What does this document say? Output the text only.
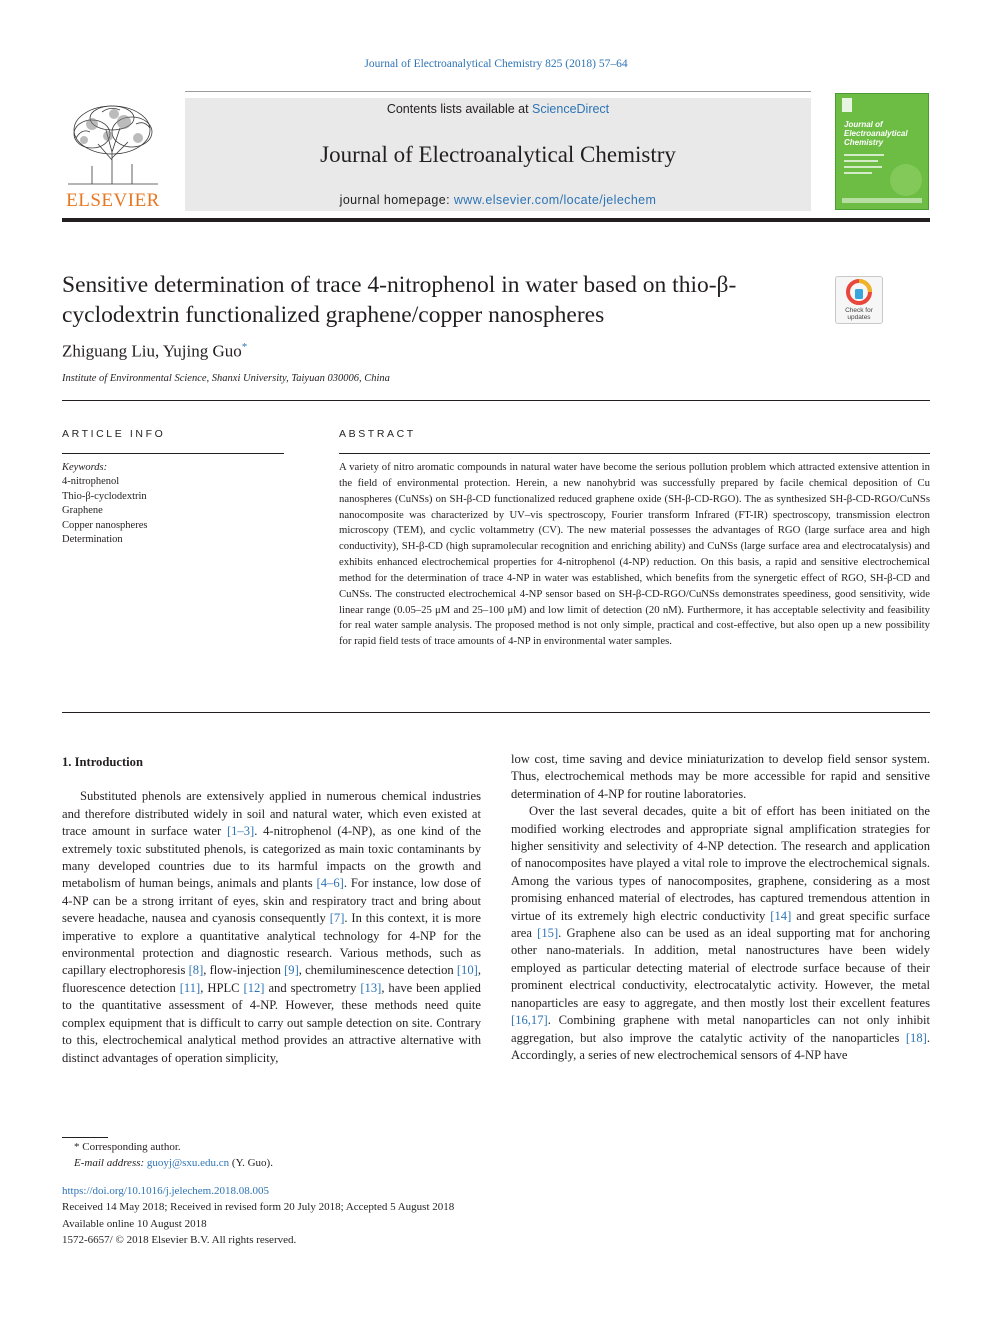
Journal of Electroanalytical Chemistry 825 (2018) 57–64
ELSEVIER
Contents lists available at ScienceDirect
Journal of Electroanalytical Chemistry
journal homepage: www.elsevier.com/locate/jelechem
Journal of Electroanalytical Chemistry
Sensitive determination of trace 4-nitrophenol in water based on thio-β-cyclodextrin functionalized graphene/copper nanospheres	Check for updates
Zhiguang Liu, Yujing Guo*
Institute of Environmental Science, Shanxi University, Taiyuan 030006, China
ARTICLE INFO	ABSTRACT
Keywords:
4-nitrophenol
Thio-β-cyclodextrin
Graphene
Copper nanospheres
Determination
A variety of nitro aromatic compounds in natural water have become the serious pollution problem which attracted extensive attention in the field of environmental protection. Herein, a new nanohybrid was successfully prepared by facile chemical deposition of Cu nanospheres (CuNSs) on SH-β-CD functionalized reduced graphene oxide (SH-β-CD-RGO). The as synthesized SH-β-CD-RGO/CuNSs nanocomposite was characterized by UV–vis spectroscopy, Fourier transform Infrared (FT-IR) spectroscopy, transmission electron microscopy (TEM), and cyclic voltammetry (CV). The new material possesses the advantages of RGO (large surface area and high conductivity), SH-β-CD (high supramolecular recognition and enriching ability) and CuNSs (large surface area and electrocatalysis) and exhibits enhanced electrochemical properties for 4-nitrophenol (4-NP) reduction. On this basis, a rapid and sensitive electrochemical method for the determination of trace 4-NP in water was established, which benefits from the synergetic effect of RGO, SH-β-CD and CuNSs. The constructed electrochemical 4-NP sensor based on SH-β-CD-RGO/CuNSs demonstrates speediness, good sensitivity, wide linear range (0.05–25 μM and 25–100 μM) and low limit of detection (20 nM). Furthermore, it has acceptable selectivity and feasibility for real water sample analysis. The proposed method is not only simple, practical and cost-effective, but also open up a new possibility for rapid field tests of trace amounts of 4-NP in environmental water samples.
1. Introduction

Substituted phenols are extensively applied in numerous chemical industries and therefore distributed widely in soil and natural water, which even existed at trace amount in surface water [1–3]. 4-nitrophenol (4-NP), as one kind of the extremely toxic substituted phenols, is categorized as main toxic contaminants by many developed countries due to its harmful impacts on the growth and metabolism of human beings, animals and plants [4–6]. For instance, low dose of 4-NP can be a strong irritant of eyes, skin and respiratory tract and bring about severe headache, nausea and cyanosis consequently [7]. In this context, it is more imperative to explore a quantitative analytical technology for 4-NP for the environmental protection and diagnostic research. Various methods, such as capillary electrophoresis [8], flow-injection [9], chemiluminescence detection [10], fluorescence detection [11], HPLC [12] and spectrometry [13], have been applied to the quantitative assessment of 4-NP. However, these methods need quite complex equipment that is difficult to carry out sample detection on site. Contrary to this, electrochemical analytical method provides an attractive alternative with distinct advantages of operation simplicity,

low cost, time saving and device miniaturization to develop field sensor system. Thus, electrochemical methods may be more accessible for rapid and sensitive determination of 4-NP for routine laboratories.

Over the last several decades, quite a bit of effort has been initiated on the modified working electrodes and appropriate signal amplification strategies for higher sensitivity and selectivity of 4-NP detection. The research and application of nanocomposites have played a vital role to improve the electrochemical signals. Among the various types of nanocomposites, graphene, considering as a most promising enhanced material of electrodes, has captured tremendous attention in virtue of its extremely high electric conductivity [14] and great specific surface area [15]. Graphene also can be used as an ideal supporting mat for anchoring other nano-materials. In addition, metal nanostructures have been widely employed as particular detecting material of electrode surface because of their prominent electrical conductivity, electrocatalytic activity. However, the metal nanoparticles are easy to aggregate, and then mostly lost their excellent features [16,17]. Combining graphene with metal nanoparticles can not only inhibit aggregation, but also improve the catalytic activity of the nanoparticles [18]. Accordingly, a series of new electrochemical sensors of 4-NP have

* Corresponding author.
E-mail address: guoyj@sxu.edu.cn (Y. Guo).
https://doi.org/10.1016/j.jelechem.2018.08.005
Received 14 May 2018; Received in revised form 20 July 2018; Accepted 5 August 2018
Available online 10 August 2018
1572-6657/ © 2018 Elsevier B.V. All rights reserved.
